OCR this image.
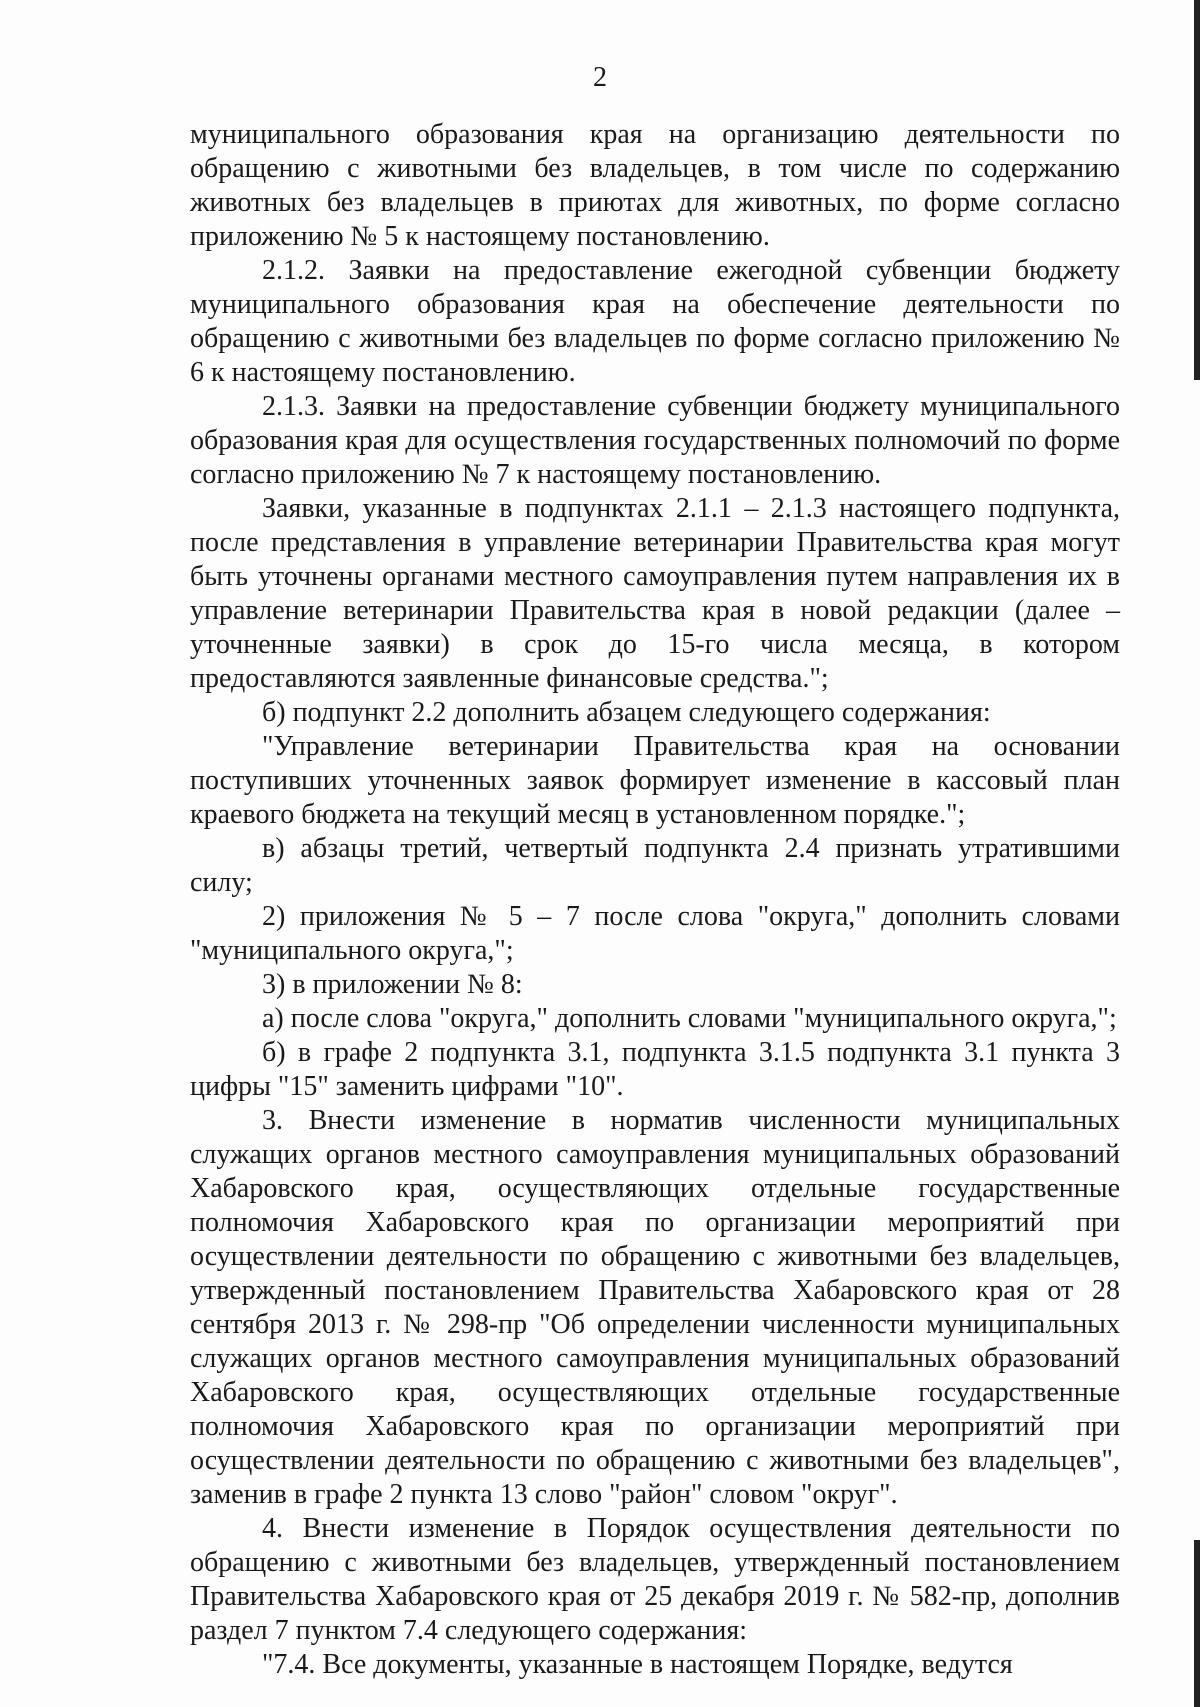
2

муниципального образования края на организацию деятельности по обращению с животными без владельцев, в том числе по содержанию животных без владельцев в приютах для животных, по форме согласно приложению № 5 к настоящему постановлению.

2.1.2. Заявки на предоставление ежегодной субвенции бюджету муниципального образования края на обеспечение деятельности по обращению с животными без владельцев по форме согласно приложению № 6 к настоящему постановлению.

2.1.3. Заявки на предоставление субвенции бюджету муниципального образования края для осуществления государственных полномочий по форме согласно приложению № 7 к настоящему постановлению.

Заявки, указанные в подпунктах 2.1.1 – 2.1.3 настоящего подпункта, после представления в управление ветеринарии Правительства края могут быть уточнены органами местного самоуправления путем направления их в управление ветеринарии Правительства края в новой редакции (далее – уточненные заявки) в срок до 15-го числа месяца, в котором предоставляются заявленные финансовые средства.";

б) подпункт 2.2 дополнить абзацем следующего содержания:

"Управление ветеринарии Правительства края на основании поступивших уточненных заявок формирует изменение в кассовый план краевого бюджета на текущий месяц в установленном порядке.";

в) абзацы третий, четвертый подпункта 2.4 признать утратившими силу;

2) приложения № 5 – 7 после слова "округа," дополнить словами "муниципального округа,";

3) в приложении № 8:

а) после слова "округа," дополнить словами "муниципального округа,";

б) в графе 2 подпункта 3.1, подпункта 3.1.5 подпункта 3.1 пункта 3 цифры "15" заменить цифрами "10".

3. Внести изменение в норматив численности муниципальных служащих органов местного самоуправления муниципальных образований Хабаровского края, осуществляющих отдельные государственные полномочия Хабаровского края по организации мероприятий при осуществлении деятельности по обращению с животными без владельцев, утвержденный постановлением Правительства Хабаровского края от 28 сентября 2013 г. № 298-пр "Об определении численности муниципальных служащих органов местного самоуправления муниципальных образований Хабаровского края, осуществляющих отдельные государственные полномочия Хабаровского края по организации мероприятий при осуществлении деятельности по обращению с животными без владельцев", заменив в графе 2 пункта 13 слово "район" словом "округ".

4. Внести изменение в Порядок осуществления деятельности по обращению с животными без владельцев, утвержденный постановлением Правительства Хабаровского края от 25 декабря 2019 г. № 582-пр, дополнив раздел 7 пунктом 7.4 следующего содержания:

"7.4. Все документы, указанные в настоящем Порядке, ведутся
